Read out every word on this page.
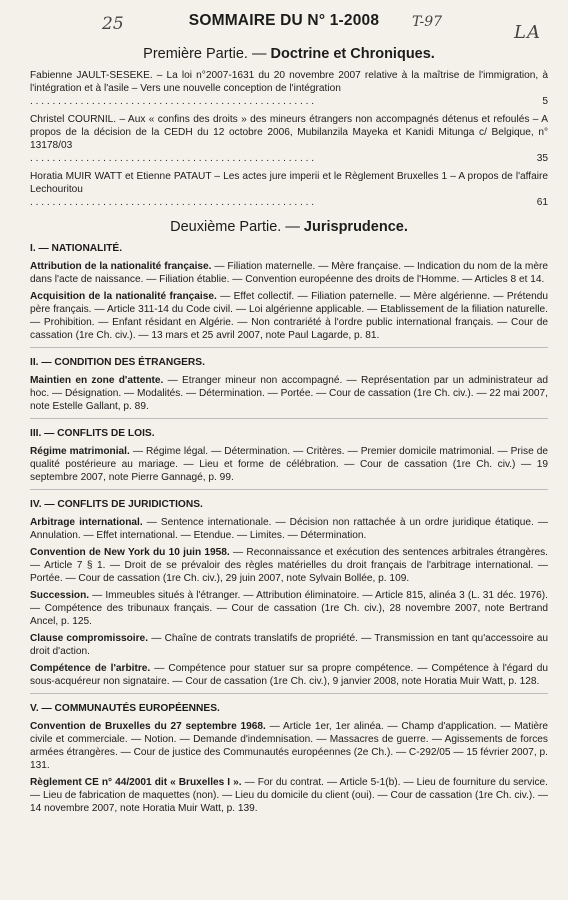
25	T-97	LA
SOMMAIRE DU N° 1-2008
Première Partie. — Doctrine et Chroniques.
Fabienne JAULT-SESEKE. – La loi n°2007-1631 du 20 novembre 2007 relative à la maîtrise de l'immigration, à l'intégration et à l'asile – Vers une nouvelle conception de l'intégration
. . . . . . . . . . . . . . . . . . . . . . . . . . . . . . . . . . . . . . . . . . . . . . . . . . .	5
Christel COURNIL. – Aux « confins des droits » des mineurs étrangers non accompagnés détenus et refoulés – A propos de la décision de la CEDH du 12 octobre 2006, Mubilanzila Mayeka et Kanidi Mitunga c/ Belgique, n° 13178/03
. . . . . . . . . . . . . . . . . . . . . . . . . . . . . . . . . . . . . . . . . . . . . . . . . . .	35
Horatia MUIR WATT et Etienne PATAUT – Les actes jure imperii et le Règlement Bruxelles 1 – A propos de l'affaire Lechouritou
. . . . . . . . . . . . . . . . . . . . . . . . . . . . . . . . . . . . . . . . . . . . . . . . . . .	61
Deuxième Partie. — Jurisprudence.
I. — NATIONALITÉ.
Attribution de la nationalité française. — Filiation maternelle. — Mère française. — Indication du nom de la mère dans l'acte de naissance. — Filiation établie. — Convention européenne des droits de l'Homme. — Articles 8 et 14.
Acquisition de la nationalité française. — Effet collectif. — Filiation paternelle. — Mère algérienne. — Prétendu père français. — Article 311-14 du Code civil. — Loi algérienne applicable. — Etablissement de la filiation naturelle. — Prohibition. — Enfant résidant en Algérie. — Non contrariété à l'ordre public international français. — Cour de cassation (1re Ch. civ.). — 13 mars et 25 avril 2007, note Paul Lagarde, p. 81.
II. — CONDITION DES ÉTRANGERS.
Maintien en zone d'attente. — Etranger mineur non accompagné. — Représentation par un administrateur ad hoc. — Désignation. — Modalités. — Détermination. — Portée. — Cour de cassation (1re Ch. civ.). — 22 mai 2007, note Estelle Gallant, p. 89.
III. — CONFLITS DE LOIS.
Régime matrimonial. — Régime légal. — Détermination. — Critères. — Premier domicile matrimonial. — Prise de qualité postérieure au mariage. — Lieu et forme de célébration. — Cour de cassation (1re Ch. civ.) — 19 septembre 2007, note Pierre Gannagé, p. 99.
IV. — CONFLITS DE JURIDICTIONS.
Arbitrage international. — Sentence internationale. — Décision non rattachée à un ordre juridique étatique. — Annulation. — Effet international. — Etendue. — Limites. — Détermination.
Convention de New York du 10 juin 1958. — Reconnaissance et exécution des sentences arbitrales étrangères. — Article 7 § 1. — Droit de se prévaloir des règles matérielles du droit français de l'arbitrage international. — Portée. — Cour de cassation (1re Ch. civ.), 29 juin 2007, note Sylvain Bollée, p. 109.
Succession. — Immeubles situés à l'étranger. — Attribution éliminatoire. — Article 815, alinéa 3 (L. 31 déc. 1976). — Compétence des tribunaux français. — Cour de cassation (1re Ch. civ.), 28 novembre 2007, note Bertrand Ancel, p. 125.
Clause compromissoire. — Chaîne de contrats translatifs de propriété. — Transmission en tant qu'accessoire au droit d'action.
Compétence de l'arbitre. — Compétence pour statuer sur sa propre compétence. — Compétence à l'égard du sous-acquéreur non signataire. — Cour de cassation (1re Ch. civ.), 9 janvier 2008, note Horatia Muir Watt, p. 128.
V. — COMMUNAUTÉS EUROPÉENNES.
Convention de Bruxelles du 27 septembre 1968. — Article 1er, 1er alinéa. — Champ d'application. — Matière civile et commerciale. — Notion. — Demande d'indemnisation. — Massacres de guerre. — Agissements de forces armées étrangères. — Cour de justice des Communautés européennes (2e Ch.). — C-292/05 — 15 février 2007, p. 131.
Règlement CE n° 44/2001 dit « Bruxelles I ». — For du contrat. — Article 5-1(b). — Lieu de fourniture du service. — Lieu de fabrication de maquettes (non). — Lieu du domicile du client (oui). — Cour de cassation (1re Ch. civ.). — 14 novembre 2007, note Horatia Muir Watt, p. 139.
